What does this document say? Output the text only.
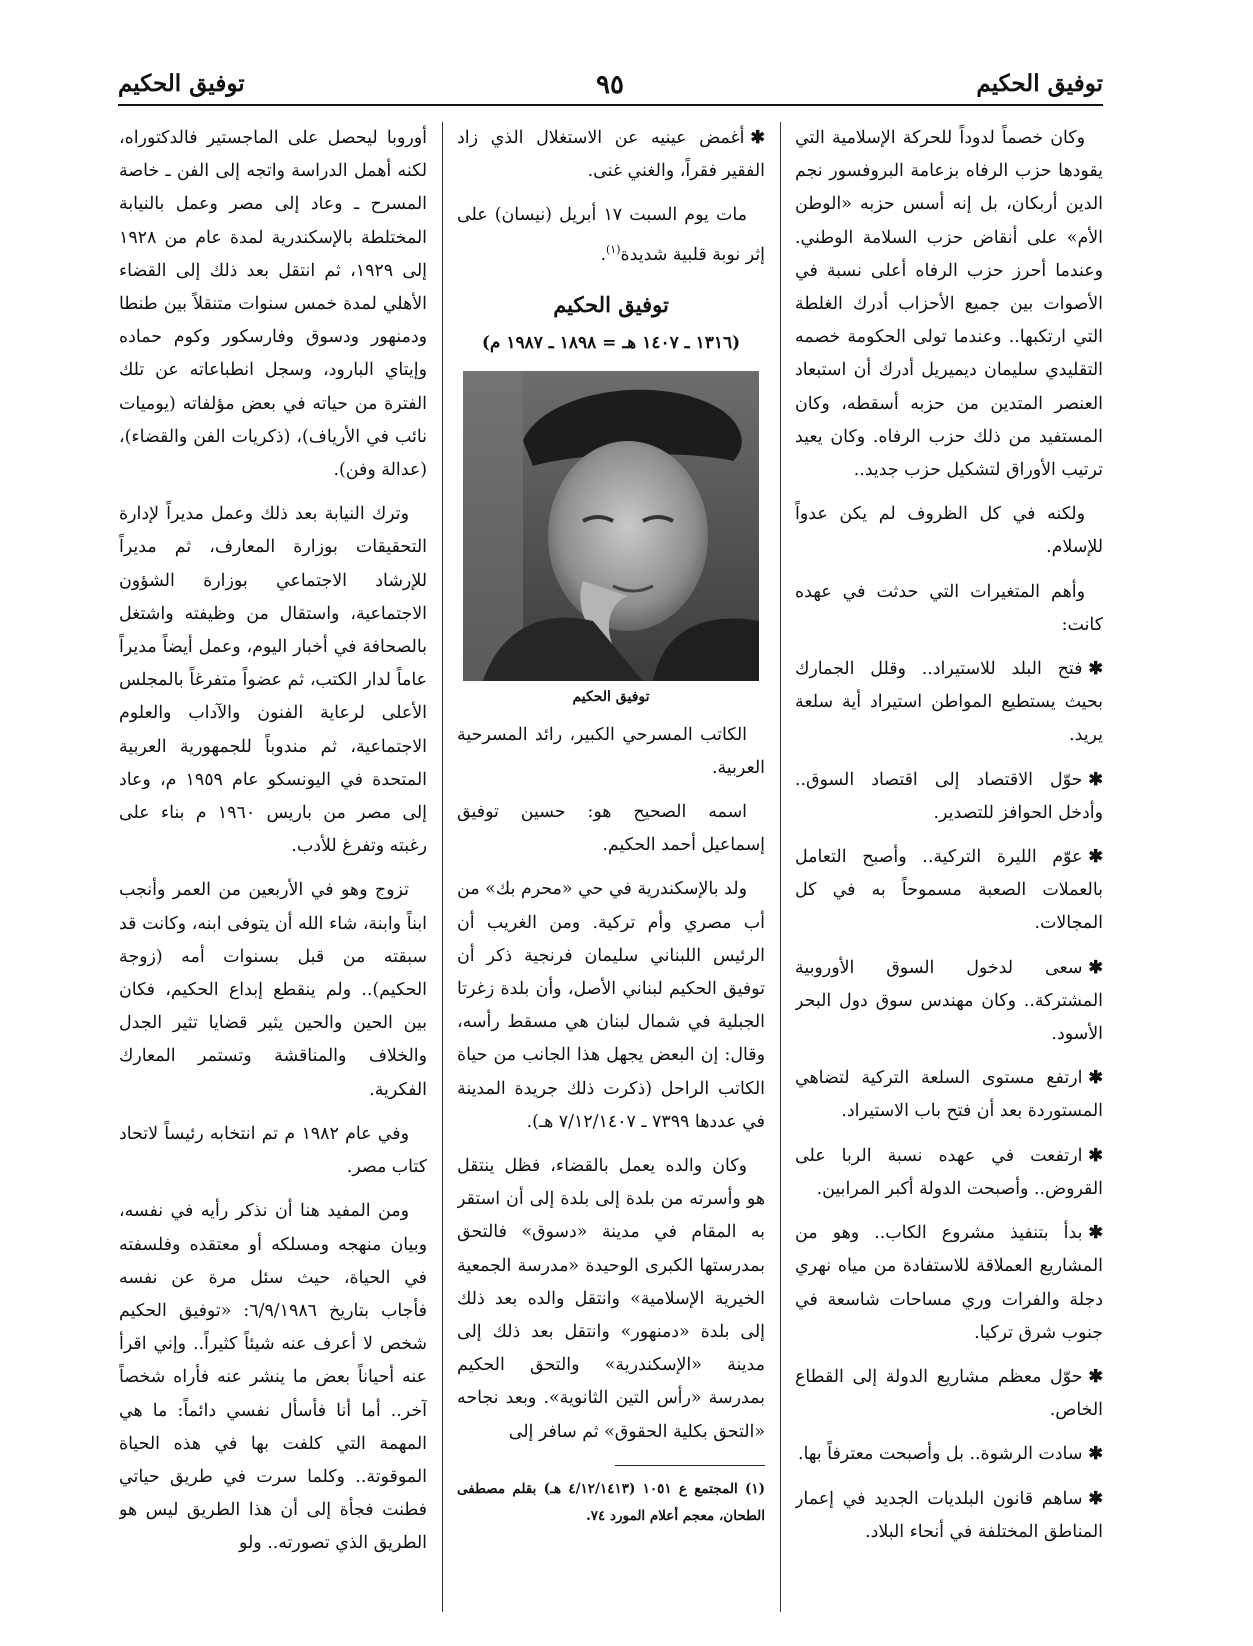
توفيق الحكيم
٩٥
توفيق الحكيم

وكان خصماً لدوداً للحركة الإسلامية التي يقودها حزب الرفاه بزعامة البروفسور نجم الدين أربكان، بل إنه أسس حزبه «الوطن الأم» على أنقاض حزب السلامة الوطني. وعندما أحرز حزب الرفاه أعلى نسبة في الأصوات بين جميع الأحزاب أدرك الغلطة التي ارتكبها.. وعندما تولى الحكومة خصمه التقليدي سليمان ديميريل أدرك أن استبعاد العنصر المتدين من حزبه أسقطه، وكان المستفيد من ذلك حزب الرفاه. وكان يعيد ترتيب الأوراق لتشكيل حزب جديد..

ولكنه في كل الظروف لم يكن عدواً للإسلام.

وأهم المتغيرات التي حدثت في عهده كانت:

✱فتح البلد للاستيراد.. وقلل الجمارك بحيث يستطيع المواطن استيراد أية سلعة يريد.

✱حوّل الاقتصاد إلى اقتصاد السوق.. وأدخل الحوافز للتصدير.

✱عوّم الليرة التركية.. وأصبح التعامل بالعملات الصعبة مسموحاً به في كل المجالات.

✱سعى لدخول السوق الأوروبية المشتركة.. وكان مهندس سوق دول البحر الأسود.

✱ارتفع مستوى السلعة التركية لتضاهي المستوردة بعد أن فتح باب الاستيراد.

✱ارتفعت في عهده نسبة الربا على القروض.. وأصبحت الدولة أكبر المرابين.

✱بدأ بتنفيذ مشروع الكاب.. وهو من المشاريع العملاقة للاستفادة من مياه نهري دجلة والفرات وري مساحات شاسعة في جنوب شرق تركيا.

✱حوّل معظم مشاريع الدولة إلى القطاع الخاص.

✱سادت الرشوة.. بل وأصبحت معترفاً بها.

✱ساهم قانون البلديات الجديد في إعمار المناطق المختلفة في أنحاء البلاد.

✱أغمض عينيه عن الاستغلال الذي زاد الفقير فقراً، والغني غنى.

مات يوم السبت ١٧ أبريل (نيسان) على إثر نوبة قلبية شديدة$^{(١)}$.

توفيق الحكيم
(١٣١٦ ـ ١٤٠٧ هـ = ١٨٩٨ ـ ١٩٨٧ م)
توفيق الحكيم

الكاتب المسرحي الكبير، رائد المسرحية العربية.

اسمه الصحيح هو: حسين توفيق إسماعيل أحمد الحكيم.

ولد بالإسكندرية في حي «محرم بك» من أب مصري وأم تركية. ومن الغريب أن الرئيس اللبناني سليمان فرنجية ذكر أن توفيق الحكيم لبناني الأصل، وأن بلدة زغرتا الجبلية في شمال لبنان هي مسقط رأسه، وقال: إن البعض يجهل هذا الجانب من حياة الكاتب الراحل (ذكرت ذلك جريدة المدينة في عددها ٧٣٩٩ ـ ٧/١٢/١٤٠٧ هـ).

وكان والده يعمل بالقضاء، فظل ينتقل هو وأسرته من بلدة إلى بلدة إلى أن استقر به المقام في مدينة «دسوق» فالتحق بمدرستها الكبرى الوحيدة «مدرسة الجمعية الخيرية الإسلامية» وانتقل والده بعد ذلك إلى بلدة «دمنهور» وانتقل بعد ذلك إلى مدينة «الإسكندرية» والتحق الحكيم بمدرسة «رأس التين الثانوية». وبعد نجاحه «التحق بكلية الحقوق» ثم سافر إلى

(١) المجتمع ع ١٠٥١ (٤/١٢/١٤١٣ هـ) بقلم مصطفى الطحان، معجم أعلام المورد ٧٤.

أوروبا ليحصل على الماجستير فالدكتوراه، لكنه أهمل الدراسة واتجه إلى الفن ـ خاصة المسرح ـ وعاد إلى مصر وعمل بالنيابة المختلطة بالإسكندرية لمدة عام من ١٩٢٨ إلى ١٩٢٩، ثم انتقل بعد ذلك إلى القضاء الأهلي لمدة خمس سنوات متنقلاً بين طنطا ودمنهور ودسوق وفارسكور وكوم حماده وإيتاي البارود، وسجل انطباعاته عن تلك الفترة من حياته في بعض مؤلفاته (يوميات نائب في الأرياف)، (ذكريات الفن والقضاء)، (عدالة وفن).

وترك النيابة بعد ذلك وعمل مديراً لإدارة التحقيقات بوزارة المعارف، ثم مديراً للإرشاد الاجتماعي بوزارة الشؤون الاجتماعية، واستقال من وظيفته واشتغل بالصحافة في أخبار اليوم، وعمل أيضاً مديراً عاماً لدار الكتب، ثم عضواً متفرغاً بالمجلس الأعلى لرعاية الفنون والآداب والعلوم الاجتماعية، ثم مندوباً للجمهورية العربية المتحدة في اليونسكو عام ١٩٥٩ م، وعاد إلى مصر من باريس ١٩٦٠ م بناء على رغبته وتفرغ للأدب.

تزوج وهو في الأربعين من العمر وأنجب ابناً وابنة، شاء الله أن يتوفى ابنه، وكانت قد سبقته من قبل بسنوات أمه (زوجة الحكيم).. ولم ينقطع إبداع الحكيم، فكان بين الحين والحين يثير قضايا تثير الجدل والخلاف والمناقشة وتستمر المعارك الفكرية.

وفي عام ١٩٨٢ م تم انتخابه رئيساً لاتحاد كتاب مصر.

ومن المفيد هنا أن نذكر رأيه في نفسه، وبيان منهجه ومسلكه أو معتقده وفلسفته في الحياة، حيث سئل مرة عن نفسه فأجاب بتاريخ ٦/٩/١٩٨٦: «توفيق الحكيم شخص لا أعرف عنه شيئاً كثيراً.. وإني اقرأ عنه أحياناً بعض ما ينشر عنه فأراه شخصاً آخر.. أما أنا فأسأل نفسي دائماً: ما هي المهمة التي كلفت بها في هذه الحياة الموقوتة.. وكلما سرت في طريق حياتي فطنت فجأة إلى أن هذا الطريق ليس هو الطريق الذي تصورته.. ولو
